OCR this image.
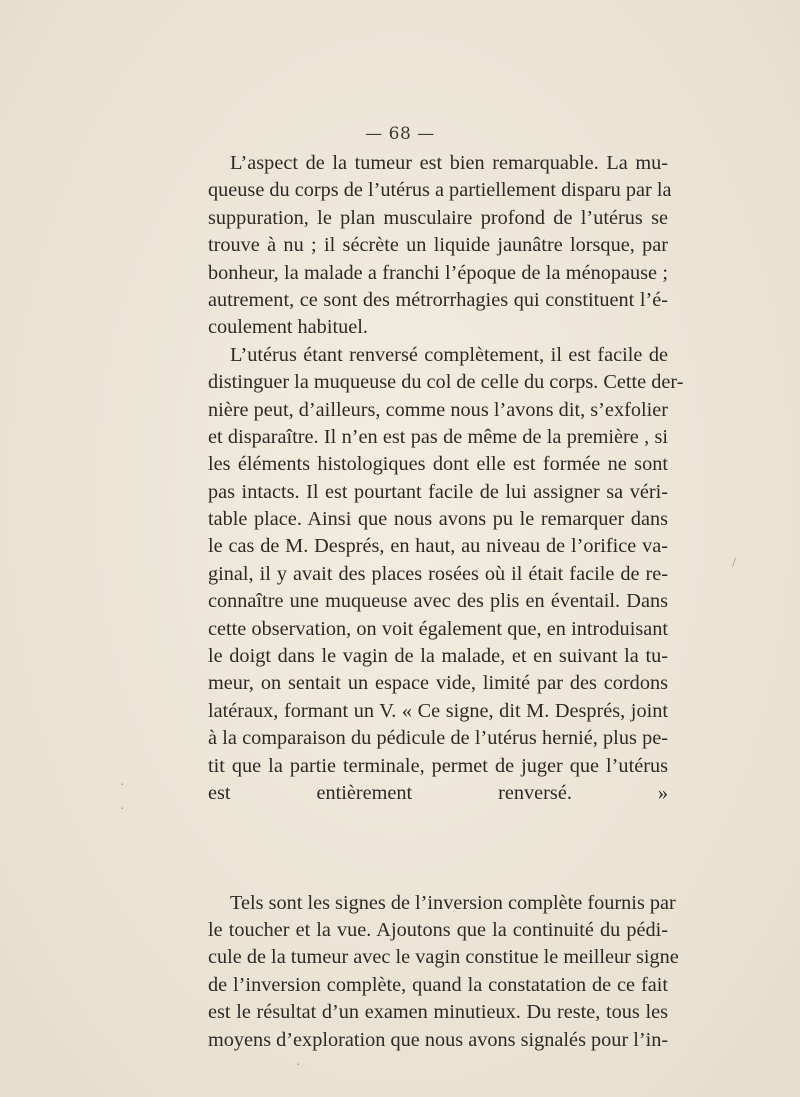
— 68 —
L’aspect de la tumeur est bien remarquable. La mu-
queuse du corps de l’utérus a partiellement disparu par la
suppuration, le plan musculaire profond de l’utérus se
trouve à nu ; il sécrète un liquide jaunâtre lorsque, par
bonheur, la malade a franchi l’époque de la ménopause ;
autrement, ce sont des métrorrhagies qui constituent l’é-
coulement habituel.
L’utérus étant renversé complètement, il est facile de
distinguer la muqueuse du col de celle du corps. Cette der-
nière peut, d’ailleurs, comme nous l’avons dit, s’exfolier
et disparaître. Il n’en est pas de même de la première , si
les éléments histologiques dont elle est formée ne sont
pas intacts. Il est pourtant facile de lui assigner sa véri-
table place. Ainsi que nous avons pu le remarquer dans
le cas de M. Després, en haut, au niveau de l’orifice va-
ginal, il y avait des places rosées où il était facile de re-
connaître une muqueuse avec des plis en éventail. Dans
cette observation, on voit également que, en introduisant
le doigt dans le vagin de la malade, et en suivant la tu-
meur, on sentait un espace vide, limité par des cordons
latéraux, formant un V. « Ce signe, dit M. Després, joint
à la comparaison du pédicule de l’utérus hernié, plus pe-
tit que la partie terminale, permet de juger que l’utérus
est entièrement renversé. »
Tels sont les signes de l’inversion complète fournis par
le toucher et la vue. Ajoutons que la continuité du pédi-
cule de la tumeur avec le vagin constitue le meilleur signe
de l’inversion complète, quand la constatation de ce fait
est le résultat d’un examen minutieux. Du reste, tous les
moyens d’exploration que nous avons signalés pour l’in-
/
·
·
·
